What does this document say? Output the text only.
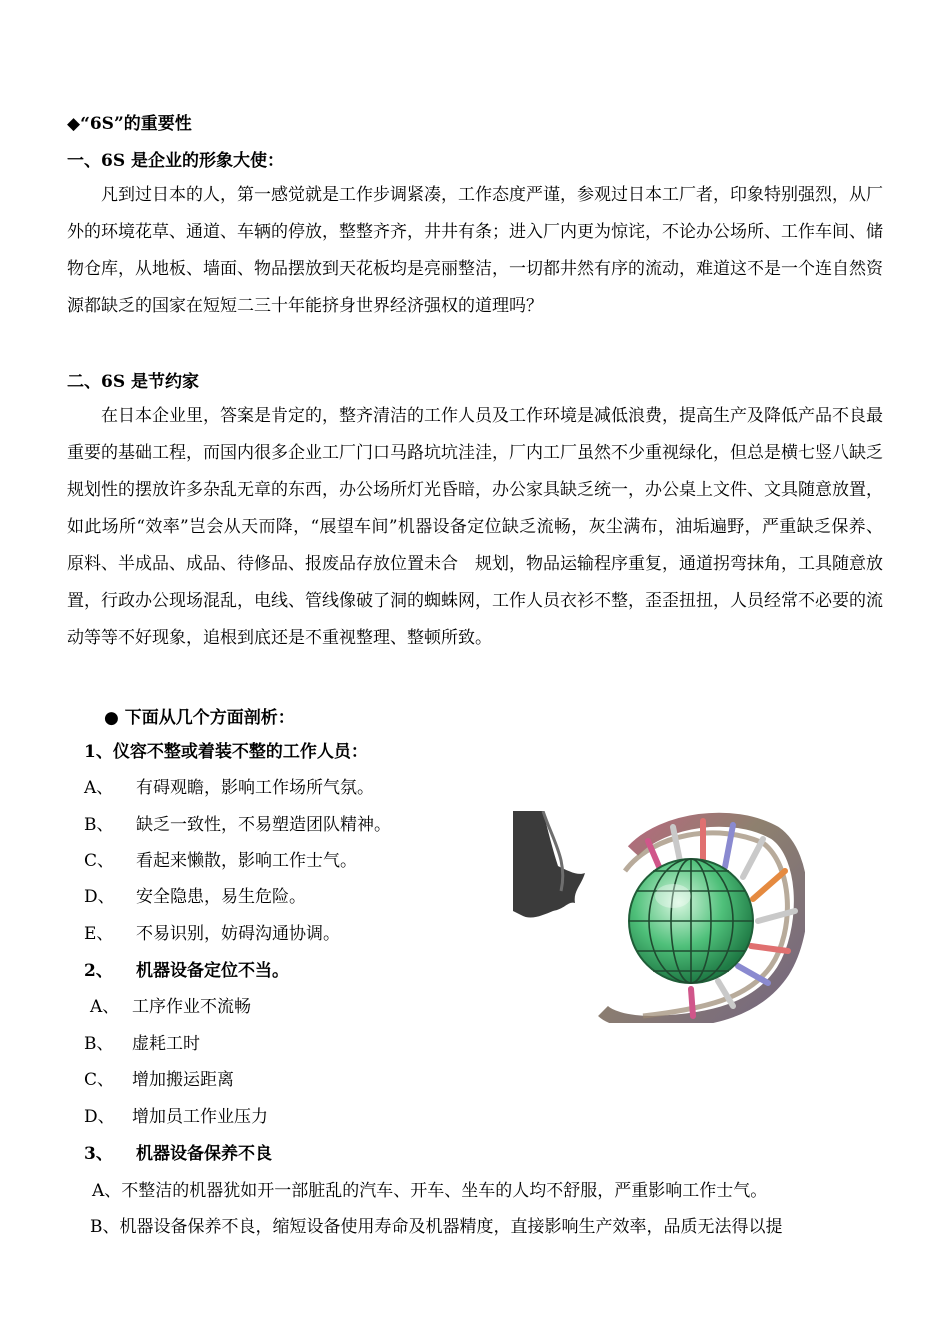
◆“6S”的重要性
一、6S 是企业的形象大使：
凡到过日本的人，第一感觉就是工作步调紧凑，工作态度严谨，参观过日本工厂者，印象特别强烈，从厂外的环境花草、通道、车辆的停放，整整齐齐，井井有条；进入厂内更为惊诧，不论办公场所、工作车间、储物仓库，从地板、墙面、物品摆放到天花板均是亮丽整洁，一切都井然有序的流动，难道这不是一个连自然资源都缺乏的国家在短短二三十年能挤身世界经济强权的道理吗？
二、6S 是节约家
在日本企业里，答案是肯定的，整齐清洁的工作人员及工作环境是减低浪费，提高生产及降低产品不良最重要的基础工程，而国内很多企业工厂门口马路坑坑洼洼，厂内工厂虽然不少重视绿化，但总是横七竖八缺乏规划性的摆放许多杂乱无章的东西，办公场所灯光昏暗，办公家具缺乏统一，办公桌上文件、文具随意放置，如此场所“效率”岂会从天而降，“展望车间”机器设备定位缺乏流畅，灰尘满布，油垢遍野，严重缺乏保养、原料、半成品、成品、待修品、报废品存放位置未合　规划，物品运输程序重复，通道拐弯抹角，工具随意放置，行政办公现场混乱，电线、管线像破了洞的蜘蛛网，工作人员衣衫不整，歪歪扭扭，人员经常不必要的流动等等不好现象，追根到底还是不重视整理、整顿所致。
● 下面从几个方面剖析：
1、仪容不整或着装不整的工作人员：
A、 有碍观瞻，影响工作场所气氛。
B、 缺乏一致性，不易塑造团队精神。
C、 看起来懒散，影响工作士气。
D、 安全隐患，易生危险。
E、 不易识别，妨碍沟通协调。
2、 机器设备定位不当。
A、 工序作业不流畅
B、 虚耗工时
C、 增加搬运距离
D、 增加员工作业压力
3、 机器设备保养不良
A、不整洁的机器犹如开一部脏乱的汽车、开车、坐车的人均不舒服，严重影响工作士气。
B、机器设备保养不良，缩短设备使用寿命及机器精度，直接影响生产效率，品质无法得以提
